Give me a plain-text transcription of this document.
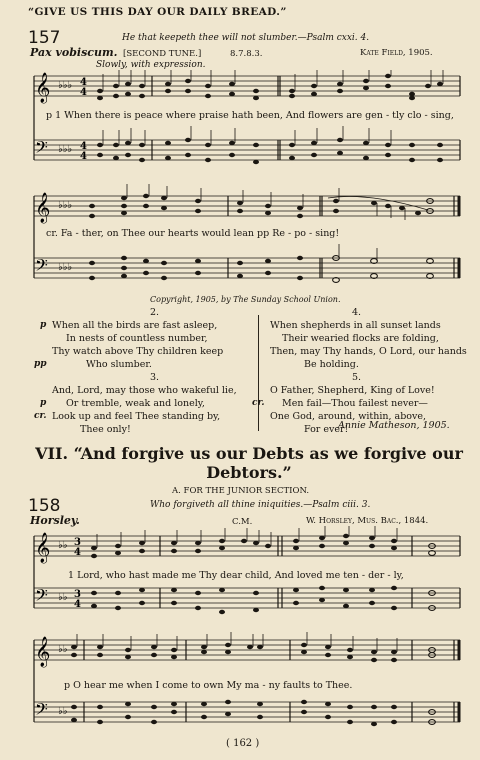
“GIVE US THIS DAY OUR DAILY BREAD.”
157	He that keepeth thee will not slumber.—Psalm cxxi. 4.
Pax vobiscum. [SECOND TUNE.]	8.7.8.3.	Kate Field, 1905.
Slowly, with expression.
𝄞
𝄢
♭♭♭
♭♭♭
4
4
4
4
p 1 When there is peace where praise hath been, And flowers are gen - tly clo - sing,
𝄞
𝄢
♭♭♭
♭♭♭
cr. Fa - ther, on Thee our hearts would lean pp Re - po - sing!
Copyright, 1905, by The Sunday School Union.
2.
p When all the birds are fast asleep,
In nests of countless number,
Thy watch above Thy children keep
pp	Who slumber.
3.
And, Lord, may those who wakeful lie,
p Or tremble, weak and lonely,
cr. Look up and feel Thee standing by,
Thee only!
4.
When shepherds in all sunset lands
Their wearied flocks are folding,
Then, may Thy hands, O Lord, our hands
Be holding.
5.
O Father, Shepherd, King of Love!
cr. Men fail—Thou failest never—
One God, around, within, above,
For ever!
Annie Matheson, 1905.
VII. “And forgive us our Debts as we forgive our Debtors.”
A. FOR THE JUNIOR SECTION.
158	Who forgiveth all thine iniquities.—Psalm ciii. 3.
Horsley.	C.M.	W. Horsley, Mus. Bac., 1844.
𝄞
𝄢
♭♭
♭♭
3
4
3
4
1 Lord, who hast made me Thy dear child, And loved me ten - der - ly,
𝄞
𝄢
♭♭
♭♭
p O hear me when I come to own My ma - ny faults to Thee.
( 162 )
